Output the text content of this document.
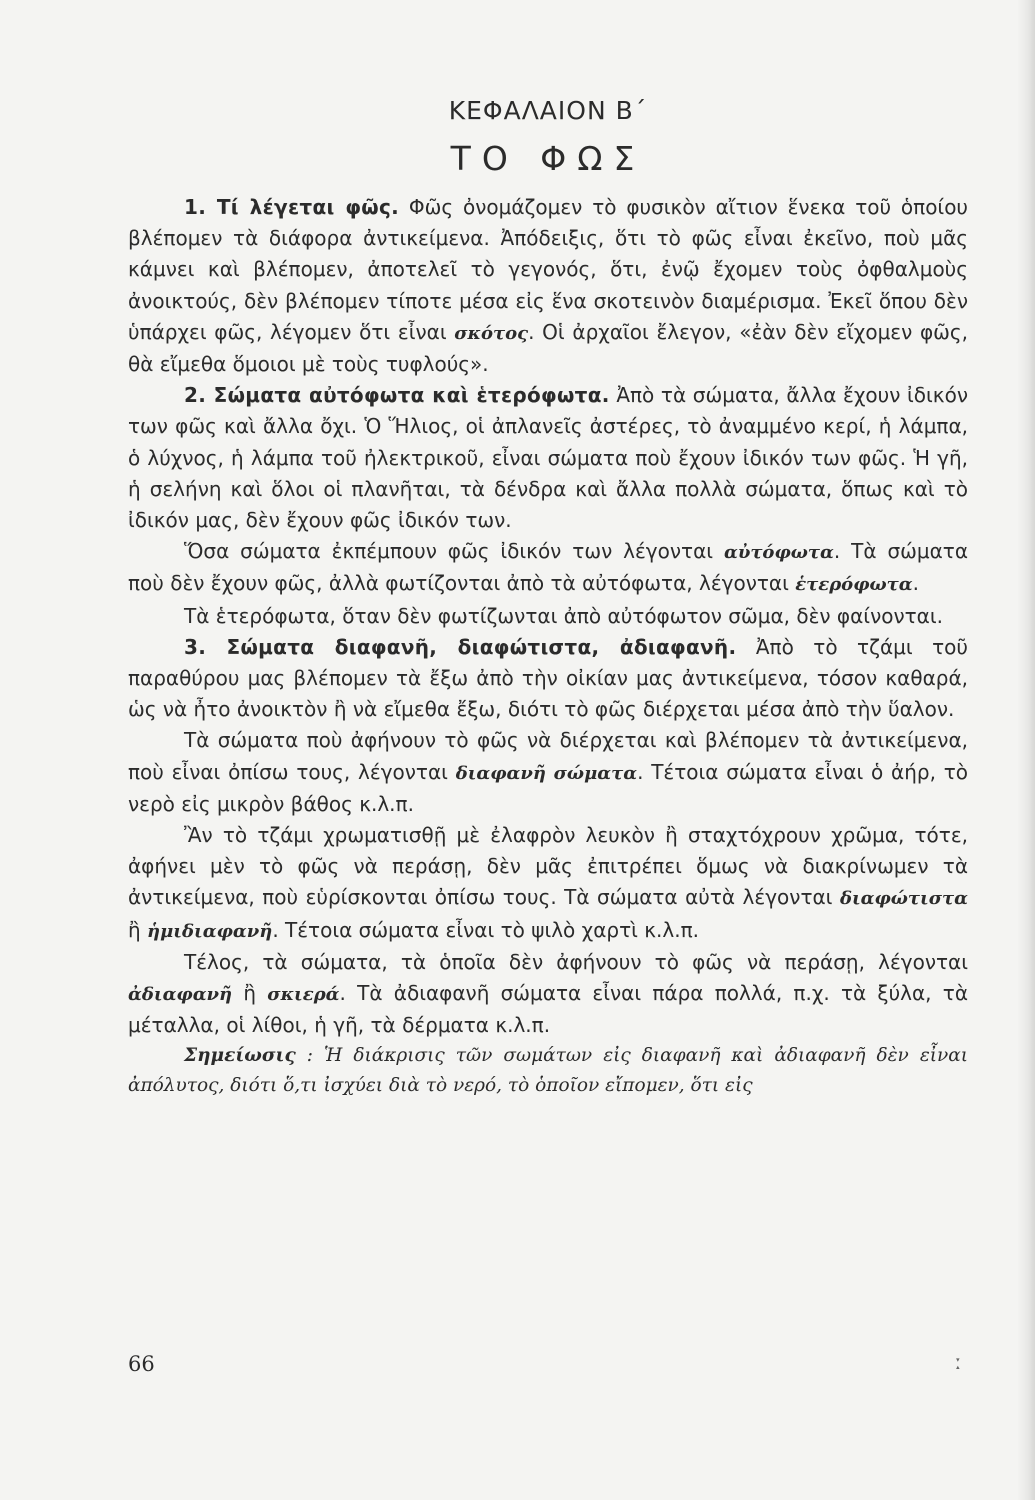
ΚΕΦΑΛΑΙΟΝ Β΄
ΤΟ ΦΩΣ

1. Τί λέγεται φῶς. Φῶς ὀνομάζομεν τὸ φυσικὸν αἴτιον ἕνεκα τοῦ ὁποίου βλέπομεν τὰ διάφορα ἀντικείμενα. Ἀπόδειξις, ὅτι τὸ φῶς εἶναι ἐκεῖνο, ποὺ μᾶς κάμνει καὶ βλέπομεν, ἀποτελεῖ τὸ γεγονός, ὅτι, ἐνῷ ἔχομεν τοὺς ὀφθαλμοὺς ἀνοικτούς, δὲν βλέπομεν τίποτε μέσα εἰς ἕνα σκοτεινὸν διαμέρισμα. Ἐκεῖ ὅπου δὲν ὑπάρχει φῶς, λέγομεν ὅτι εἶναι σκότος. Οἱ ἀρχαῖοι ἔλεγον, «ἐὰν δὲν εἴχομεν φῶς, θὰ εἴμεθα ὅμοιοι μὲ τοὺς τυφλούς».

2. Σώματα αὐτόφωτα καὶ ἑτερόφωτα. Ἀπὸ τὰ σώματα, ἄλλα ἔχουν ἰδικόν των φῶς καὶ ἄλλα ὄχι. Ὁ Ἥλιος, οἱ ἀπλανεῖς ἀστέρες, τὸ ἀναμμένο κερί, ἡ λάμπα, ὁ λύχνος, ἡ λάμπα τοῦ ἠλεκτρικοῦ, εἶναι σώματα ποὺ ἔχουν ἰδικόν των φῶς. Ἡ γῆ, ἡ σελήνη καὶ ὅλοι οἱ πλανῆται, τὰ δένδρα καὶ ἄλλα πολλὰ σώματα, ὅπως καὶ τὸ ἰδικόν μας, δὲν ἔχουν φῶς ἰδικόν των.

Ὅσα σώματα ἐκπέμπουν φῶς ἰδικόν των λέγονται αὐτόφωτα. Τὰ σώματα ποὺ δὲν ἔχουν φῶς, ἀλλὰ φωτίζονται ἀπὸ τὰ αὐτόφωτα, λέγονται ἑτερόφωτα.

Τὰ ἑτερόφωτα, ὅταν δὲν φωτίζωνται ἀπὸ αὐτόφωτον σῶμα, δὲν φαίνονται.

3. Σώματα διαφανῆ, διαφώτιστα, ἀδιαφανῆ. Ἀπὸ τὸ τζάμι τοῦ παραθύρου μας βλέπομεν τὰ ἔξω ἀπὸ τὴν οἰκίαν μας ἀντικείμενα, τόσον καθαρά, ὡς νὰ ἦτο ἀνοικτὸν ἢ νὰ εἴμεθα ἔξω, διότι τὸ φῶς διέρχεται μέσα ἀπὸ τὴν ὕαλον.

Τὰ σώματα ποὺ ἀφήνουν τὸ φῶς νὰ διέρχεται καὶ βλέπομεν τὰ ἀντικείμενα, ποὺ εἶναι ὀπίσω τους, λέγονται διαφανῆ σώματα. Τέτοια σώματα εἶναι ὁ ἀήρ, τὸ νερὸ εἰς μικρὸν βάθος κ.λ.π.

Ἂν τὸ τζάμι χρωματισθῇ μὲ ἐλαφρὸν λευκὸν ἢ σταχτόχρουν χρῶμα, τότε, ἀφήνει μὲν τὸ φῶς νὰ περάσῃ, δὲν μᾶς ἐπιτρέπει ὅμως νὰ διακρίνωμεν τὰ ἀντικείμενα, ποὺ εὑρίσκονται ὀπίσω τους. Τὰ σώματα αὐτὰ λέγονται διαφώτιστα ἢ ἡμιδιαφανῆ. Τέτοια σώματα εἶναι τὸ ψιλὸ χαρτὶ κ.λ.π.

Τέλος, τὰ σώματα, τὰ ὁποῖα δὲν ἀφήνουν τὸ φῶς νὰ περάσῃ, λέγονται ἀδιαφανῆ ἢ σκιερά. Τὰ ἀδιαφανῆ σώματα εἶναι πάρα πολλά, π.χ. τὰ ξύλα, τὰ μέταλλα, οἱ λίθοι, ἡ γῆ, τὰ δέρματα κ.λ.π.

Σημείωσις : Ἡ διάκρισις τῶν σωμάτων εἰς διαφανῆ καὶ ἀδιαφανῆ δὲν εἶναι ἀπόλυτος, διότι ὅ,τι ἰσχύει διὰ τὸ νερό, τὸ ὁποῖον εἴπομεν, ὅτι εἰς

66	ː
